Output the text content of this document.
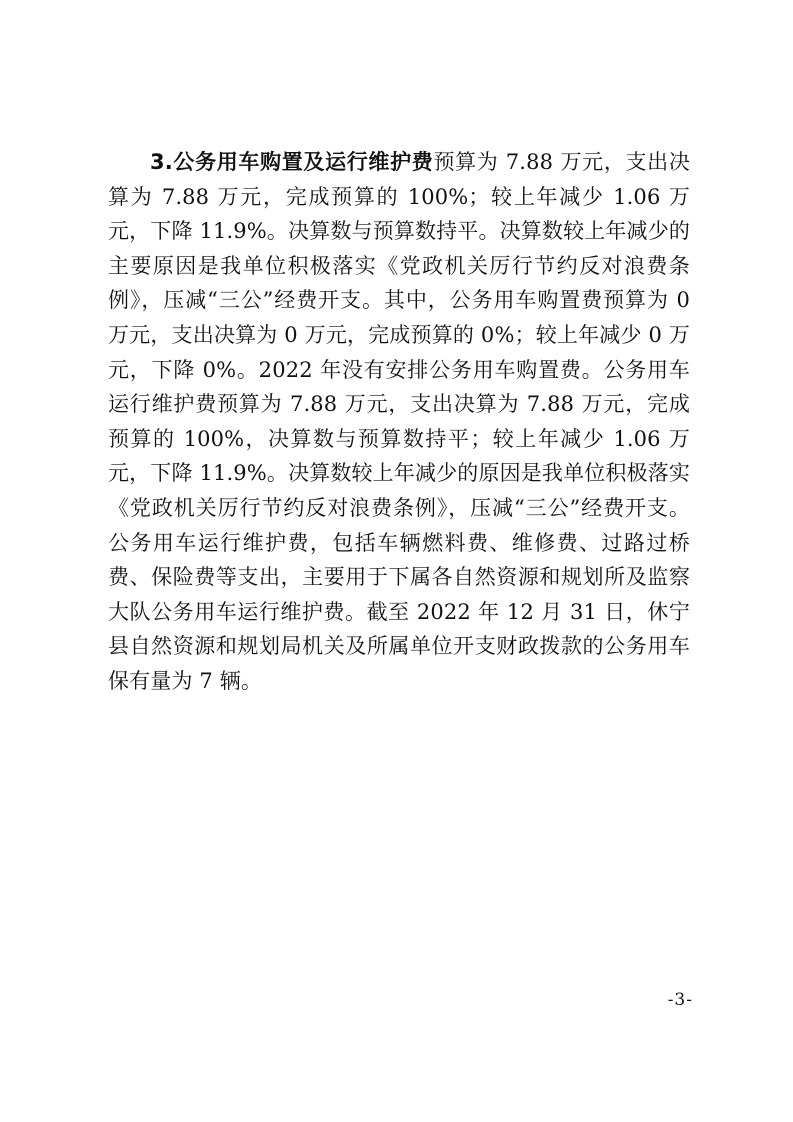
3.公务用车购置及运行维护费预算为 7.88 万元，支出决算为 7.88 万元，完成预算的 100%；较上年减少 1.06 万元，下降 11.9%。决算数与预算数持平。决算数较上年减少的主要原因是我单位积极落实《党政机关厉行节约反对浪费条例》，压减“三公”经费开支。其中，公务用车购置费预算为 0 万元，支出决算为 0 万元，完成预算的 0%；较上年减少 0 万元，下降 0%。2022 年没有安排公务用车购置费。公务用车运行维护费预算为 7.88 万元，支出决算为 7.88 万元，完成预算的 100%，决算数与预算数持平；较上年减少 1.06 万元，下降 11.9%。决算数较上年减少的原因是我单位积极落实《党政机关厉行节约反对浪费条例》，压减“三公”经费开支。公务用车运行维护费，包括车辆燃料费、维修费、过路过桥费、保险费等支出，主要用于下属各自然资源和规划所及监察大队公务用车运行维护费。截至 2022 年 12 月 31 日，休宁县自然资源和规划局机关及所属单位开支财政拨款的公务用车保有量为 7 辆。

-3-
